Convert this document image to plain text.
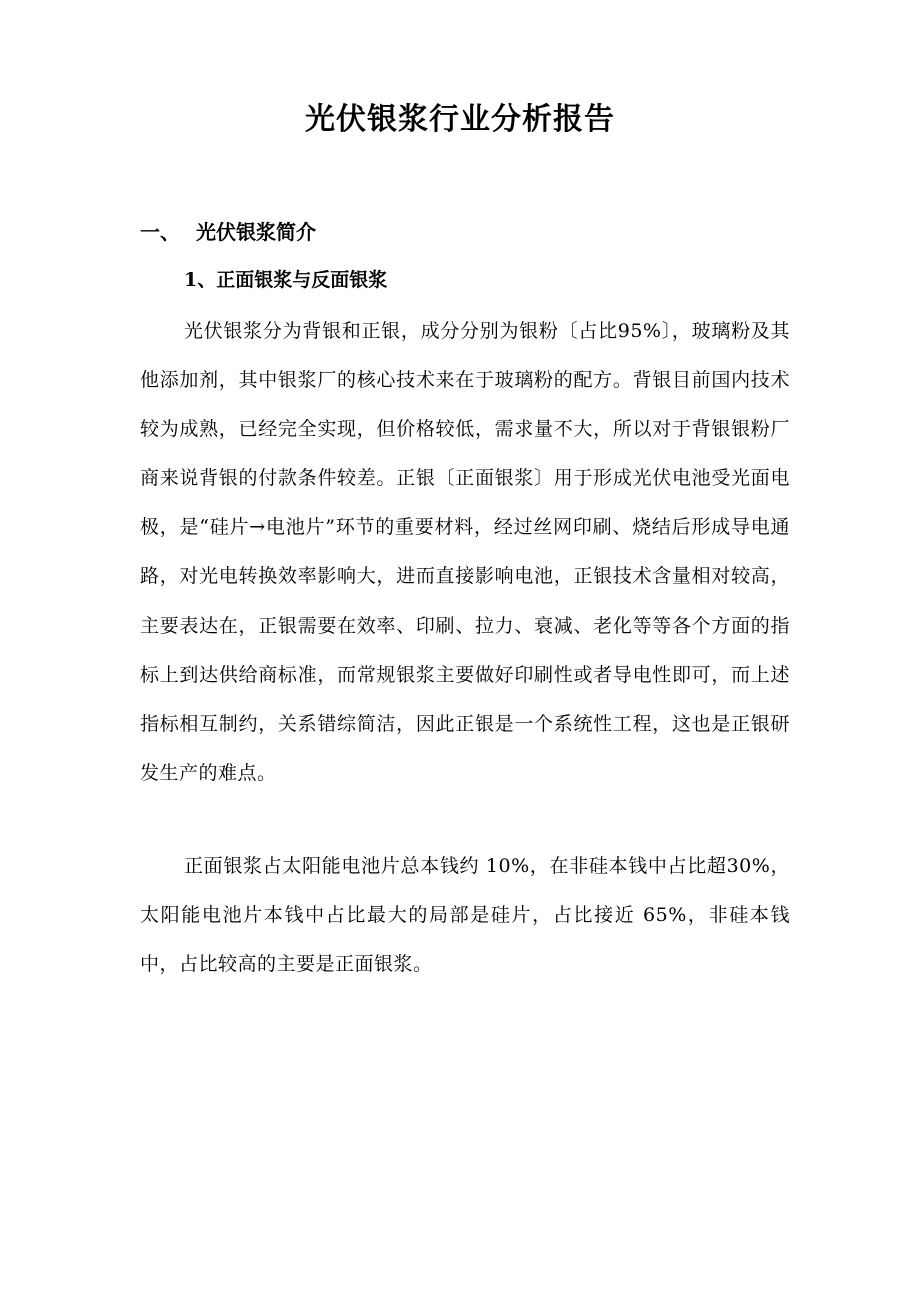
光伏银浆行业分析报告
一、 光伏银浆简介
1、正面银浆与反面银浆

光伏银浆分为背银和正银，成分分别为银粉〔占比95%〕，玻璃粉及其他添加剂，其中银浆厂的核心技术来在于玻璃粉的配方。背银目前国内技术较为成熟，已经完全实现，但价格较低，需求量不大，所以对于背银银粉厂商来说背银的付款条件较差。正银〔正面银浆〕用于形成光伏电池受光面电极，是“硅片→电池片”环节的重要材料，经过丝网印刷、烧结后形成导电通路，对光电转换效率影响大，进而直接影响电池，正银技术含量相对较高，主要表达在，正银需要在效率、印刷、拉力、衰减、老化等等各个方面的指标上到达供给商标准，而常规银浆主要做好印刷性或者导电性即可，而上述指标相互制约，关系错综简洁，因此正银是一个系统性工程，这也是正银研发生产的难点。

正面银浆占太阳能电池片总本钱约 10%，在非硅本钱中占比超30%，太阳能电池片本钱中占比最大的局部是硅片，占比接近 65%，非硅本钱中，占比较高的主要是正面银浆。
